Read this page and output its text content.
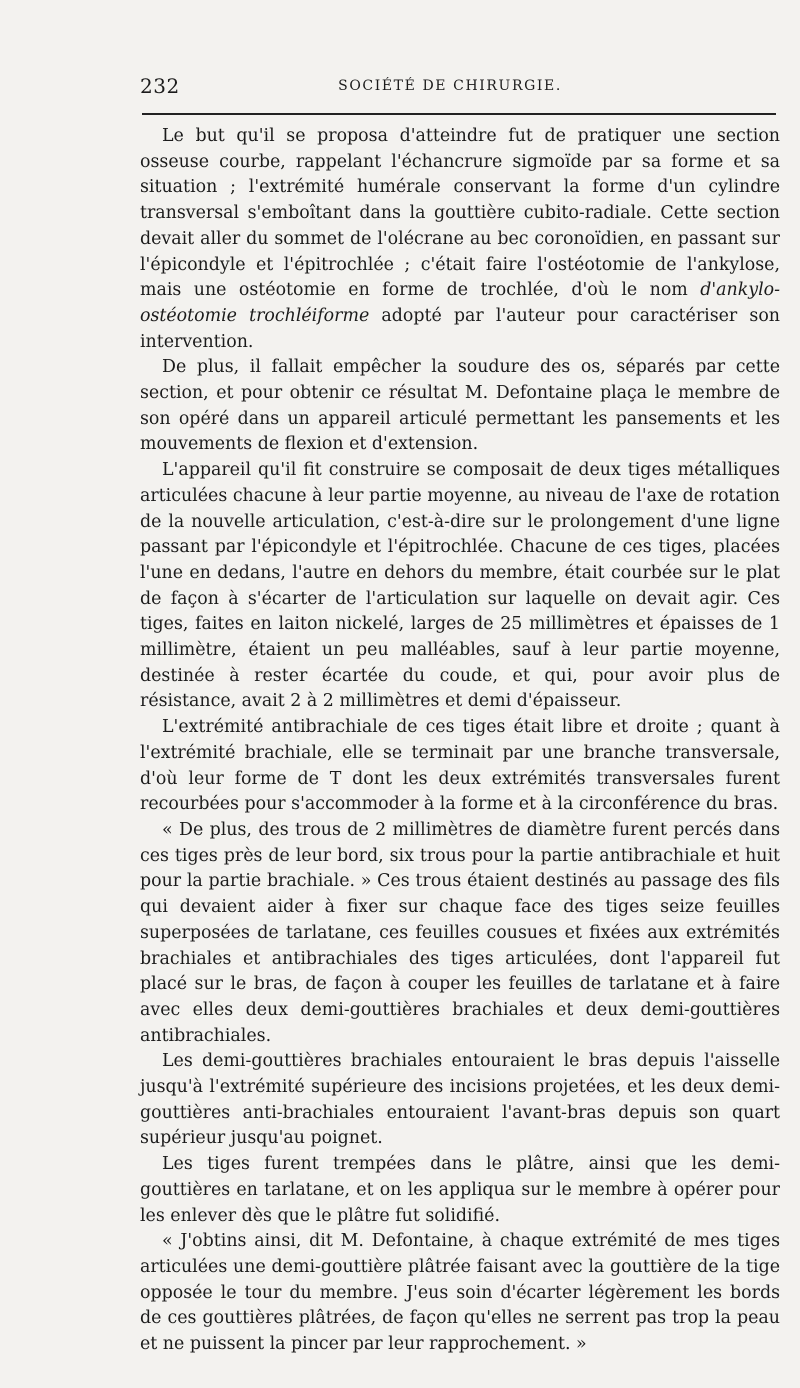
232	SOCIÉTÉ DE CHIRURGIE.

Le but qu'il se proposa d'atteindre fut de pratiquer une section osseuse courbe, rappelant l'échancrure sigmoïde par sa forme et sa situation ; l'extrémité humérale conservant la forme d'un cylindre transversal s'emboîtant dans la gouttière cubito-radiale. Cette section devait aller du sommet de l'olécrane au bec coronoïdien, en passant sur l'épicondyle et l'épitrochlée ; c'était faire l'ostéotomie de l'ankylose, mais une ostéotomie en forme de trochlée, d'où le nom d'ankylo-ostéotomie trochléiforme adopté par l'auteur pour caractériser son intervention.

De plus, il fallait empêcher la soudure des os, séparés par cette section, et pour obtenir ce résultat M. Defontaine plaça le membre de son opéré dans un appareil articulé permettant les pansements et les mouvements de flexion et d'extension.

L'appareil qu'il fit construire se composait de deux tiges métalliques articulées chacune à leur partie moyenne, au niveau de l'axe de rotation de la nouvelle articulation, c'est-à-dire sur le prolongement d'une ligne passant par l'épicondyle et l'épitrochlée. Chacune de ces tiges, placées l'une en dedans, l'autre en dehors du membre, était courbée sur le plat de façon à s'écarter de l'articulation sur laquelle on devait agir. Ces tiges, faites en laiton nickelé, larges de 25 millimètres et épaisses de 1 millimètre, étaient un peu malléables, sauf à leur partie moyenne, destinée à rester écartée du coude, et qui, pour avoir plus de résistance, avait 2 à 2 millimètres et demi d'épaisseur.

L'extrémité antibrachiale de ces tiges était libre et droite ; quant à l'extrémité brachiale, elle se terminait par une branche transversale, d'où leur forme de T dont les deux extrémités transversales furent recourbées pour s'accommoder à la forme et à la circonférence du bras.

« De plus, des trous de 2 millimètres de diamètre furent percés dans ces tiges près de leur bord, six trous pour la partie antibrachiale et huit pour la partie brachiale. » Ces trous étaient destinés au passage des fils qui devaient aider à fixer sur chaque face des tiges seize feuilles superposées de tarlatane, ces feuilles cousues et fixées aux extrémités brachiales et antibrachiales des tiges articulées, dont l'appareil fut placé sur le bras, de façon à couper les feuilles de tarlatane et à faire avec elles deux demi-gouttières brachiales et deux demi-gouttières antibrachiales.

Les demi-gouttières brachiales entouraient le bras depuis l'aisselle jusqu'à l'extrémité supérieure des incisions projetées, et les deux demi-gouttières anti-brachiales entouraient l'avant-bras depuis son quart supérieur jusqu'au poignet.

Les tiges furent trempées dans le plâtre, ainsi que les demi-gouttières en tarlatane, et on les appliqua sur le membre à opérer pour les enlever dès que le plâtre fut solidifié.

« J'obtins ainsi, dit M. Defontaine, à chaque extrémité de mes tiges articulées une demi-gouttière plâtrée faisant avec la gouttière de la tige opposée le tour du membre. J'eus soin d'écarter légèrement les bords de ces gouttières plâtrées, de façon qu'elles ne serrent pas trop la peau et ne puissent la pincer par leur rapprochement. »
